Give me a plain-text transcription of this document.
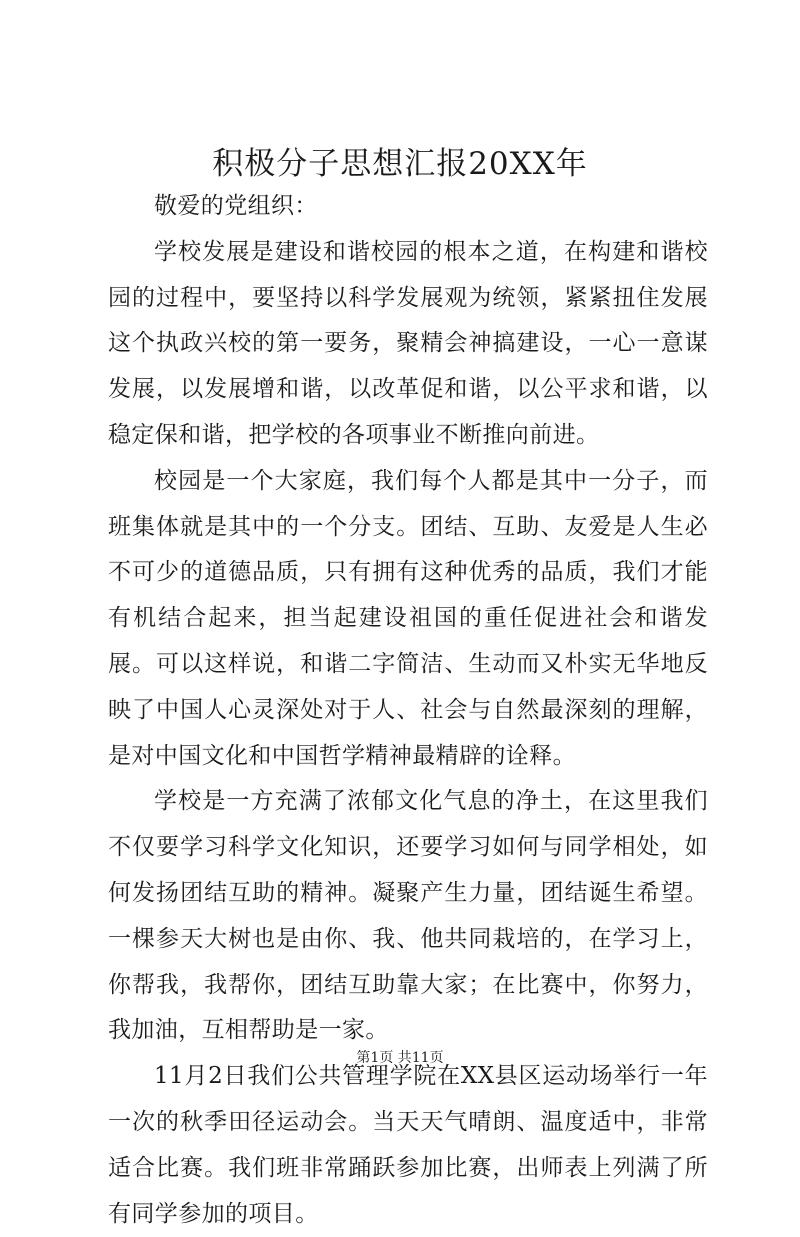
积极分子思想汇报20XX年

敬爱的党组织：

学校发展是建设和谐校园的根本之道，在构建和谐校园的过程中，要坚持以科学发展观为统领，紧紧扭住发展这个执政兴校的第一要务，聚精会神搞建设，一心一意谋发展，以发展增和谐，以改革促和谐，以公平求和谐，以稳定保和谐，把学校的各项事业不断推向前进。

校园是一个大家庭，我们每个人都是其中一分子，而班集体就是其中的一个分支。团结、互助、友爱是人生必不可少的道德品质，只有拥有这种优秀的品质，我们才能有机结合起来，担当起建设祖国的重任促进社会和谐发展。可以这样说，和谐二字简洁、生动而又朴实无华地反映了中国人心灵深处对于人、社会与自然最深刻的理解，是对中国文化和中国哲学精神最精辟的诠释。

学校是一方充满了浓郁文化气息的净土，在这里我们不仅要学习科学文化知识，还要学习如何与同学相处，如何发扬团结互助的精神。凝聚产生力量，团结诞生希望。一棵参天大树也是由你、我、他共同栽培的，在学习上，你帮我，我帮你，团结互助靠大家；在比赛中，你努力，我加油，互相帮助是一家。

11月2日我们公共管理学院在XX县区运动场举行一年一次的秋季田径运动会。当天天气晴朗、温度适中，非常适合比赛。我们班非常踊跃参加比赛，出师表上列满了所有同学参加的项目。

第1页 共11页
